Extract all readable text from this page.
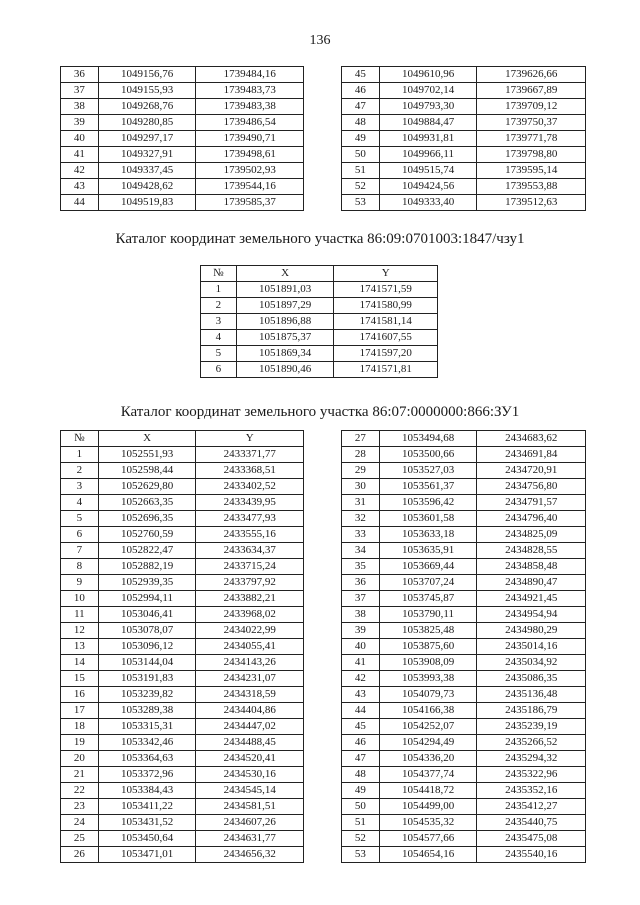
136
36	1049156,76	1739484,16
37	1049155,93	1739483,73
38	1049268,76	1739483,38
39	1049280,85	1739486,54
40	1049297,17	1739490,71
41	1049327,91	1739498,61
42	1049337,45	1739502,93
43	1049428,62	1739544,16
44	1049519,83	1739585,37
45	1049610,96	1739626,66
46	1049702,14	1739667,89
47	1049793,30	1739709,12
48	1049884,47	1739750,37
49	1049931,81	1739771,78
50	1049966,11	1739798,80
51	1049515,74	1739595,14
52	1049424,56	1739553,88
53	1049333,40	1739512,63
Каталог координат земельного участка 86:09:0701003:1847/чзу1
№	X	Y
1	1051891,03	1741571,59
2	1051897,29	1741580,99
3	1051896,88	1741581,14
4	1051875,37	1741607,55
5	1051869,34	1741597,20
6	1051890,46	1741571,81
Каталог координат земельного участка 86:07:0000000:866:ЗУ1
№	X	Y
1	1052551,93	2433371,77
2	1052598,44	2433368,51
3	1052629,80	2433402,52
4	1052663,35	2433439,95
5	1052696,35	2433477,93
6	1052760,59	2433555,16
7	1052822,47	2433634,37
8	1052882,19	2433715,24
9	1052939,35	2433797,92
10	1052994,11	2433882,21
11	1053046,41	2433968,02
12	1053078,07	2434022,99
13	1053096,12	2434055,41
14	1053144,04	2434143,26
15	1053191,83	2434231,07
16	1053239,82	2434318,59
17	1053289,38	2434404,86
18	1053315,31	2434447,02
19	1053342,46	2434488,45
20	1053364,63	2434520,41
21	1053372,96	2434530,16
22	1053384,43	2434545,14
23	1053411,22	2434581,51
24	1053431,52	2434607,26
25	1053450,64	2434631,77
26	1053471,01	2434656,32
27	1053494,68	2434683,62
28	1053500,66	2434691,84
29	1053527,03	2434720,91
30	1053561,37	2434756,80
31	1053596,42	2434791,57
32	1053601,58	2434796,40
33	1053633,18	2434825,09
34	1053635,91	2434828,55
35	1053669,44	2434858,48
36	1053707,24	2434890,47
37	1053745,87	2434921,45
38	1053790,11	2434954,94
39	1053825,48	2434980,29
40	1053875,60	2435014,16
41	1053908,09	2435034,92
42	1053993,38	2435086,35
43	1054079,73	2435136,48
44	1054166,38	2435186,79
45	1054252,07	2435239,19
46	1054294,49	2435266,52
47	1054336,20	2435294,32
48	1054377,74	2435322,96
49	1054418,72	2435352,16
50	1054499,00	2435412,27
51	1054535,32	2435440,75
52	1054577,66	2435475,08
53	1054654,16	2435540,16
